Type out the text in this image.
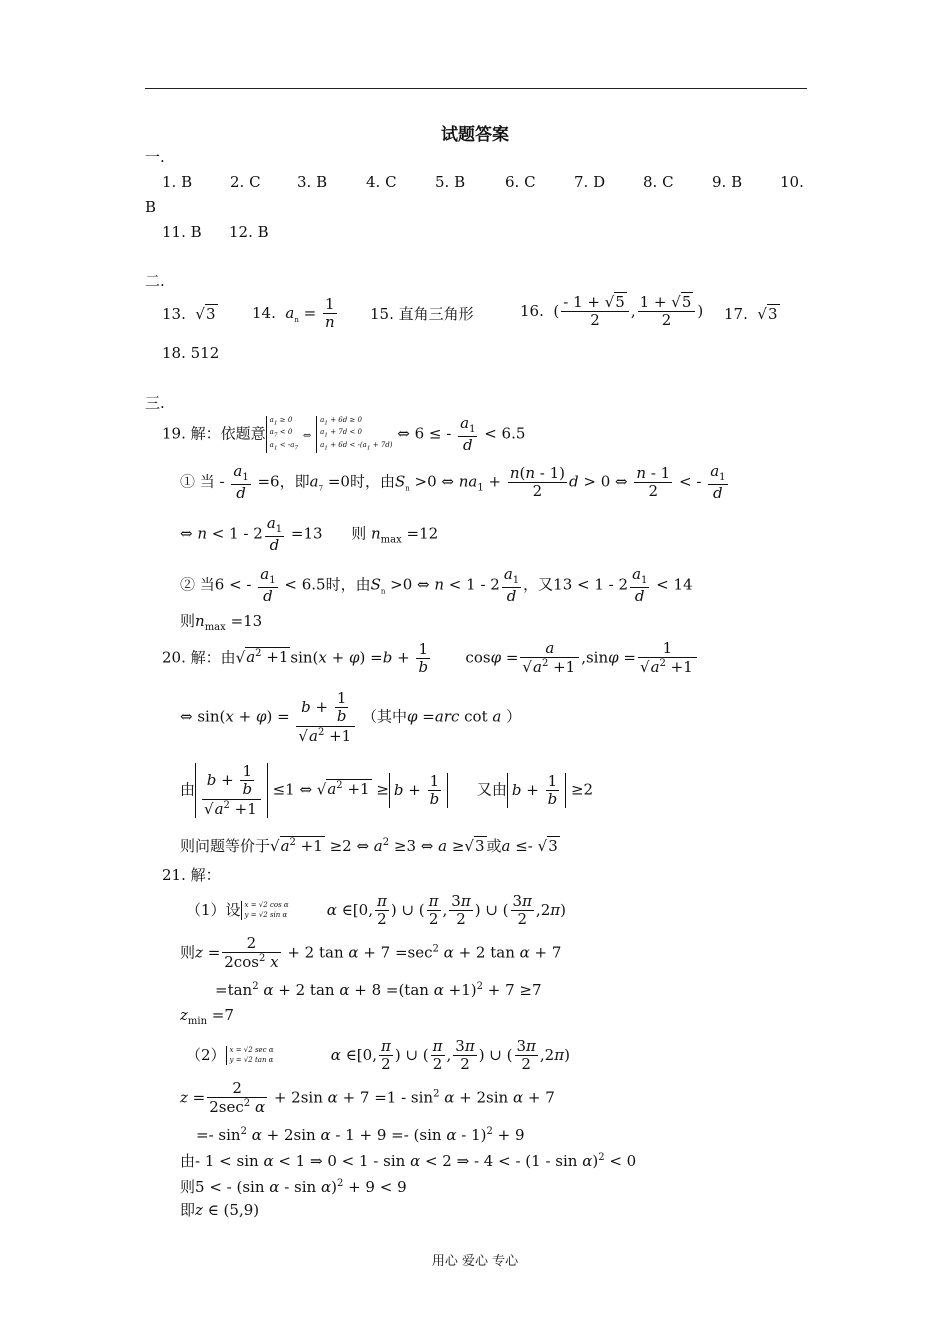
试题答案
一.
1. B	2. C 3. B	4. C	5. B	6. C	7. D	8. C	9. B	10.
B
11. B 12. B
二.
13.  √3 14. $a_n = \frac{1}{n} 15$. 直角三角形	16.  ( $\frac{- 1 + √5}{2}$ , $\frac{1 + √5}{2}$ ) 17.  √3
18. 512
三.
19. 解：依题意$a_1 \ge 0$
$a_7 < 0$
$a_1 < -a_7$ ⇔ $a_1 + 6d \ge 0$
$a_1 + 7d < 0$
$a_1 + 6d < -(a_1 + 7d)$ ⇔ 6 ≤ - $\frac{a_1}{d} < 6.5$
① 当 - $\frac{a_1}{d} =6$，即$a_7 =0$时，由$S_n >0$ ⇔ $na_1 + \frac{n(n - 1)}{2}$ d > 0 ⇔ $\frac{n - 1}{2}$ < - $\frac{a_1}{d}$
⇔ $n < 1 - 2 \frac{a_1}{d} =13$      则 $n_{max} =12$
② 当6 < - $\frac{a_1}{d} < 6.5$时，由$S_n >0$ ⇔ $n < 1 - 2 \frac{a_1}{d}$ ，又$13 < 1 - 2 \frac{a_1}{d} < 14$
则$n_{max} =13$
20. 解：由$√a^2 +1$ $\sin(x + \varphi) =b + \frac{1}{b}$ $\cos\varphi = \frac{a}{√a^2 +1} ,\sin\varphi = \frac{1}{√a^2 +1}$
⇔ $\sin(x + \varphi) = \frac{b + \frac{1}{b}}{√a^2 +1}$ （其中φ =arc cot a ）
由 $\frac{b + \frac{1}{b}}{√a^2 +1} \le 1$ ⇔ $√a^2 +1 \ge b + \frac{1}{b}$ 又由 $b + \frac{1}{b} \ge 2$
则问题等价于$√a^2 +1 \ge 2$ ⇔ $a^2 \ge 3$ ⇔ a ≥√3 或a ≤- √3
21. 解：
（1）设 x = √2 cos α
y = √2 sin α	α ∈[0, $\frac{\pi}{2}$ ) ∪ ( $\frac{\pi}{2}$ , $\frac{3\pi}{2}$ ) ∪ ( $\frac{3\pi}{2} ,2\pi$)
则$z = \frac{2}{2\cos^2 x} + 2$ $\tan \alpha + 7 =\sec^2$ α + 2 tan α + 7
$=\tan^2$ α + 2 tan α + 8 =(tan α +1)$^2$ + 7 ≥7
$z_{min} =7$
（2） x = √2 sec α
y = √2 tan α	α ∈[0, $\frac{\pi}{2}$ ) ∪ ( $\frac{\pi}{2}$ , $\frac{3\pi}{2}$ ) ∪ ( $\frac{3\pi}{2} ,2\pi$)
$z = \frac{2}{2\sec^2 \alpha} + 2\sin$ $\alpha + 7 =1 - \sin^2 \alpha + 2\sin$ α + 7
=- $\sin^2 \alpha + 2\sin$ α - 1 + 9 =- (sin α - 1)$^2$ + 9
由- 1 < sin α < 1 ⇒ 0 < 1 - sin α < 2 ⇒ - 4 < - (1 - sin α)$^2$ < 0
则5 < - (sin α - sin α)$^2$ + 9 < 9
即z ∈ (5,9)
用心 爱心 专心
